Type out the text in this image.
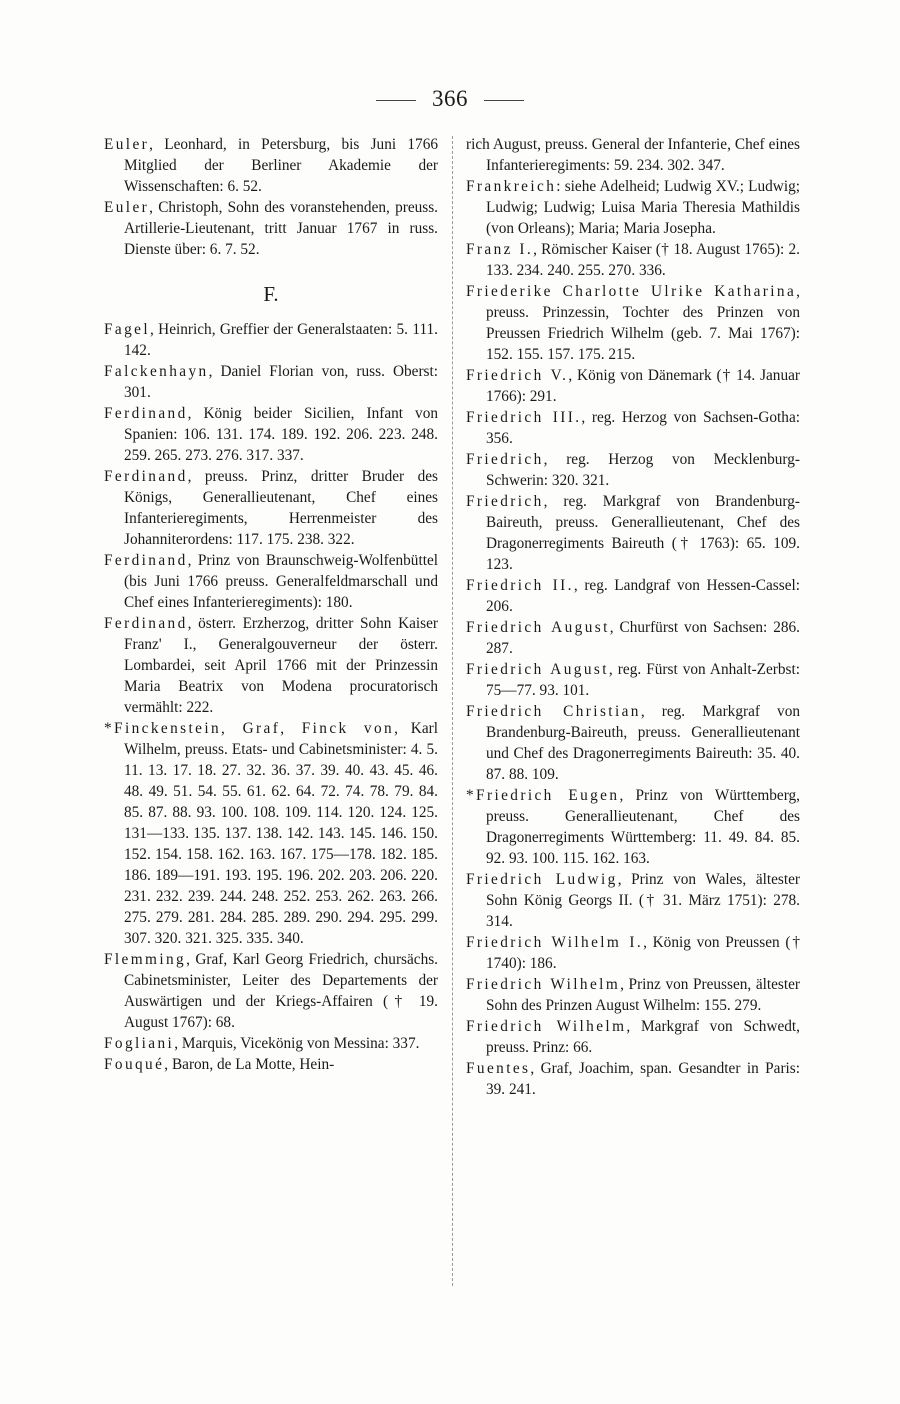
366

Euler, Leonhard, in Petersburg, bis Juni 1766 Mitglied der Berliner Akademie der Wissenschaften: 6. 52.

Euler, Christoph, Sohn des voranstehenden, preuss. Artillerie-Lieutenant, tritt Januar 1767 in russ. Dienste über: 6. 7. 52.

F.

Fagel, Heinrich, Greffier der Generalstaaten: 5. 111. 142.

Falckenhayn, Daniel Florian von, russ. Oberst: 301.

Ferdinand, König beider Sicilien, Infant von Spanien: 106. 131. 174. 189. 192. 206. 223. 248. 259. 265. 273. 276. 317. 337.

Ferdinand, preuss. Prinz, dritter Bruder des Königs, Generallieutenant, Chef eines Infanterieregiments, Herrenmeister des Johanniterordens: 117. 175. 238. 322.

Ferdinand, Prinz von Braunschweig-Wolfenbüttel (bis Juni 1766 preuss. Generalfeldmarschall und Chef eines Infanterieregiments): 180.

Ferdinand, österr. Erzherzog, dritter Sohn Kaiser Franz' I., Generalgouverneur der österr. Lombardei, seit April 1766 mit der Prinzessin Maria Beatrix von Modena procuratorisch vermählt: 222.

*Finckenstein, Graf, Finck von, Karl Wilhelm, preuss. Etats- und Cabinetsminister: 4. 5. 11. 13. 17. 18. 27. 32. 36. 37. 39. 40. 43. 45. 46. 48. 49. 51. 54. 55. 61. 62. 64. 72. 74. 78. 79. 84. 85. 87. 88. 93. 100. 108. 109. 114. 120. 124. 125. 131—133. 135. 137. 138. 142. 143. 145. 146. 150. 152. 154. 158. 162. 163. 167. 175—178. 182. 185. 186. 189—191. 193. 195. 196. 202. 203. 206. 220. 231. 232. 239. 244. 248. 252. 253. 262. 263. 266. 275. 279. 281. 284. 285. 289. 290. 294. 295. 299. 307. 320. 321. 325. 335. 340.

Flemming, Graf, Karl Georg Friedrich, chursächs. Cabinetsminister, Leiter des Departements der Auswärtigen und der Kriegs-Affairen († 19. August 1767): 68.

Fogliani, Marquis, Vicekönig von Messina: 337.

Fouqué, Baron, de La Motte, Hein-

rich August, preuss. General der Infanterie, Chef eines Infanterieregiments: 59. 234. 302. 347.

Frankreich: siehe Adelheid; Ludwig XV.; Ludwig; Ludwig; Ludwig; Luisa Maria Theresia Mathildis (von Orleans); Maria; Maria Josepha.

Franz I., Römischer Kaiser († 18. August 1765): 2. 133. 234. 240. 255. 270. 336.

Friederike Charlotte Ulrike Katharina, preuss. Prinzessin, Tochter des Prinzen von Preussen Friedrich Wilhelm (geb. 7. Mai 1767): 152. 155. 157. 175. 215.

Friedrich V., König von Dänemark († 14. Januar 1766): 291.

Friedrich III., reg. Herzog von Sachsen-Gotha: 356.

Friedrich, reg. Herzog von Mecklenburg-Schwerin: 320. 321.

Friedrich, reg. Markgraf von Brandenburg-Baireuth, preuss. Generallieutenant, Chef des Dragonerregiments Baireuth († 1763): 65. 109. 123.

Friedrich II., reg. Landgraf von Hessen-Cassel: 206.

Friedrich August, Churfürst von Sachsen: 286. 287.

Friedrich August, reg. Fürst von Anhalt-Zerbst: 75—77. 93. 101.

Friedrich Christian, reg. Markgraf von Brandenburg-Baireuth, preuss. Generallieutenant und Chef des Dragonerregiments Baireuth: 35. 40. 87. 88. 109.

*Friedrich Eugen, Prinz von Württemberg, preuss. Generallieutenant, Chef des Dragonerregiments Württemberg: 11. 49. 84. 85. 92. 93. 100. 115. 162. 163.

Friedrich Ludwig, Prinz von Wales, ältester Sohn König Georgs II. († 31. März 1751): 278. 314.

Friedrich Wilhelm I., König von Preussen († 1740): 186.

Friedrich Wilhelm, Prinz von Preussen, ältester Sohn des Prinzen August Wilhelm: 155. 279.

Friedrich Wilhelm, Markgraf von Schwedt, preuss. Prinz: 66.

Fuentes, Graf, Joachim, span. Gesandter in Paris: 39. 241.
